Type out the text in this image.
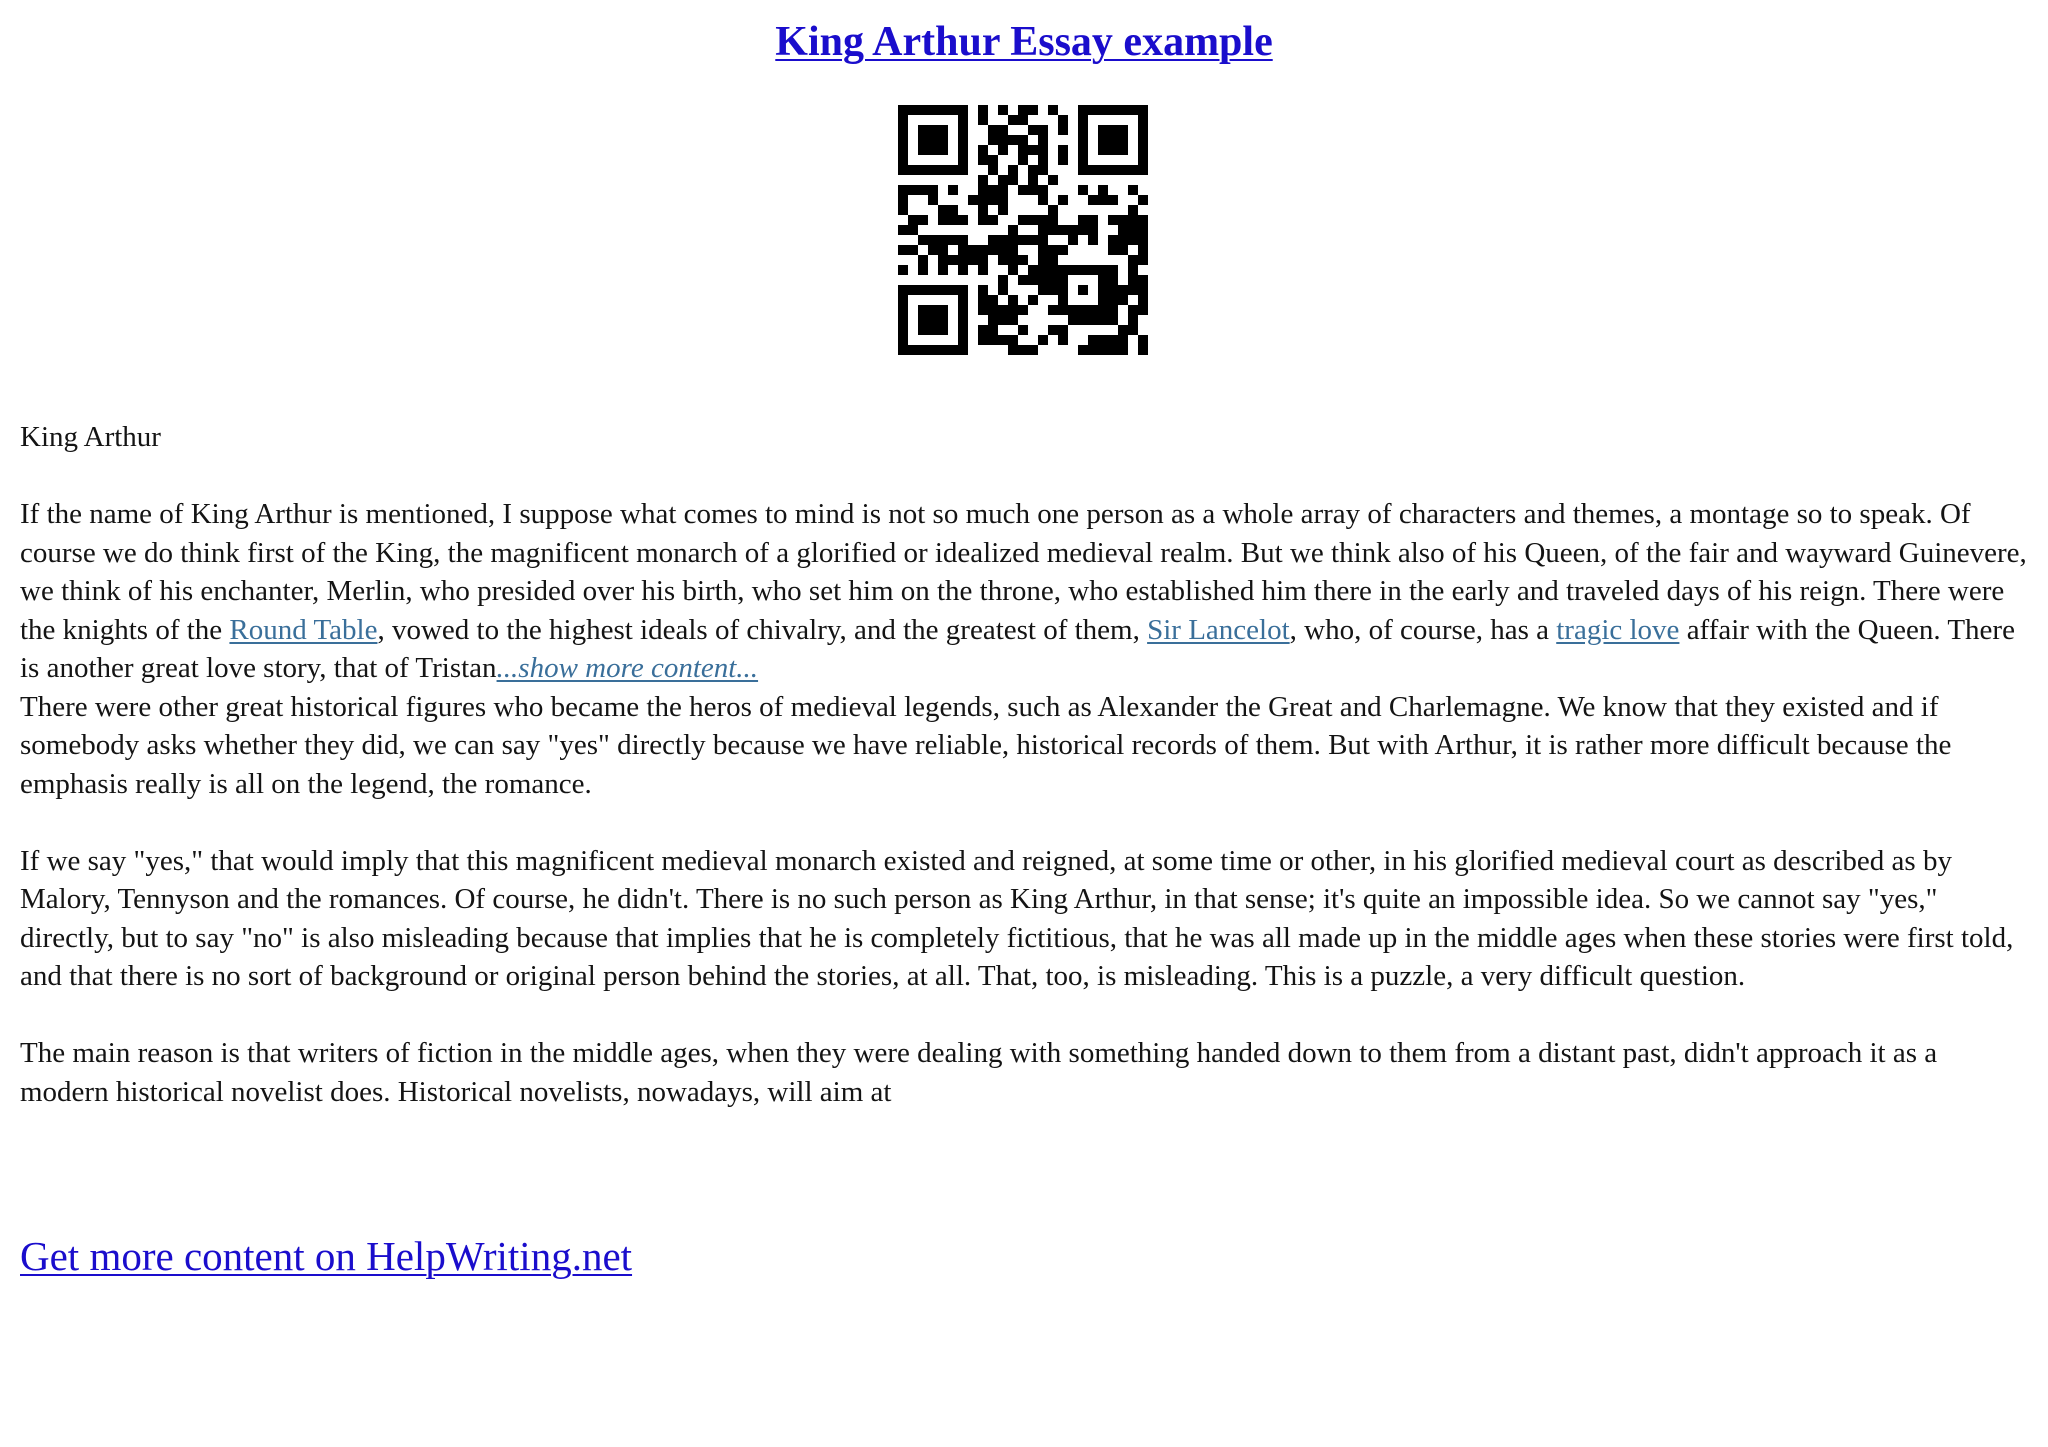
King Arthur Essay example

King Arthur

If the name of King Arthur is mentioned, I suppose what comes to mind is not so much one person as a whole array of characters and themes, a montage so to speak. Of course we do think first of the King, the magnificent monarch of a glorified or idealized medieval realm. But we think also of his Queen, of the fair and wayward Guinevere, we think of his enchanter, Merlin, who presided over his birth, who set him on the throne, who established him there in the early and traveled days of his reign. There were the knights of the Round Table, vowed to the highest ideals of chivalry, and the greatest of them, Sir Lancelot, who, of course, has a tragic love affair with the Queen. There is another great love story, that of Tristan...show more content...

There were other great historical figures who became the heros of medieval legends, such as Alexander the Great and Charlemagne. We know that they existed and if somebody asks whether they did, we can say "yes" directly because we have reliable, historical records of them. But with Arthur, it is rather more difficult because the emphasis really is all on the legend, the romance.

If we say "yes," that would imply that this magnificent medieval monarch existed and reigned, at some time or other, in his glorified medieval court as described as by Malory, Tennyson and the romances. Of course, he didn't. There is no such person as King Arthur, in that sense; it's quite an impossible idea. So we cannot say "yes," directly, but to say "no" is also misleading because that implies that he is completely fictitious, that he was all made up in the middle ages when these stories were first told, and that there is no sort of background or original person behind the stories, at all. That, too, is misleading. This is a puzzle, a very difficult question.

The main reason is that writers of fiction in the middle ages, when they were dealing with something handed down to them from a distant past, didn't approach it as a modern historical novelist does. Historical novelists, nowadays, will aim at

Get more content on HelpWriting.net
